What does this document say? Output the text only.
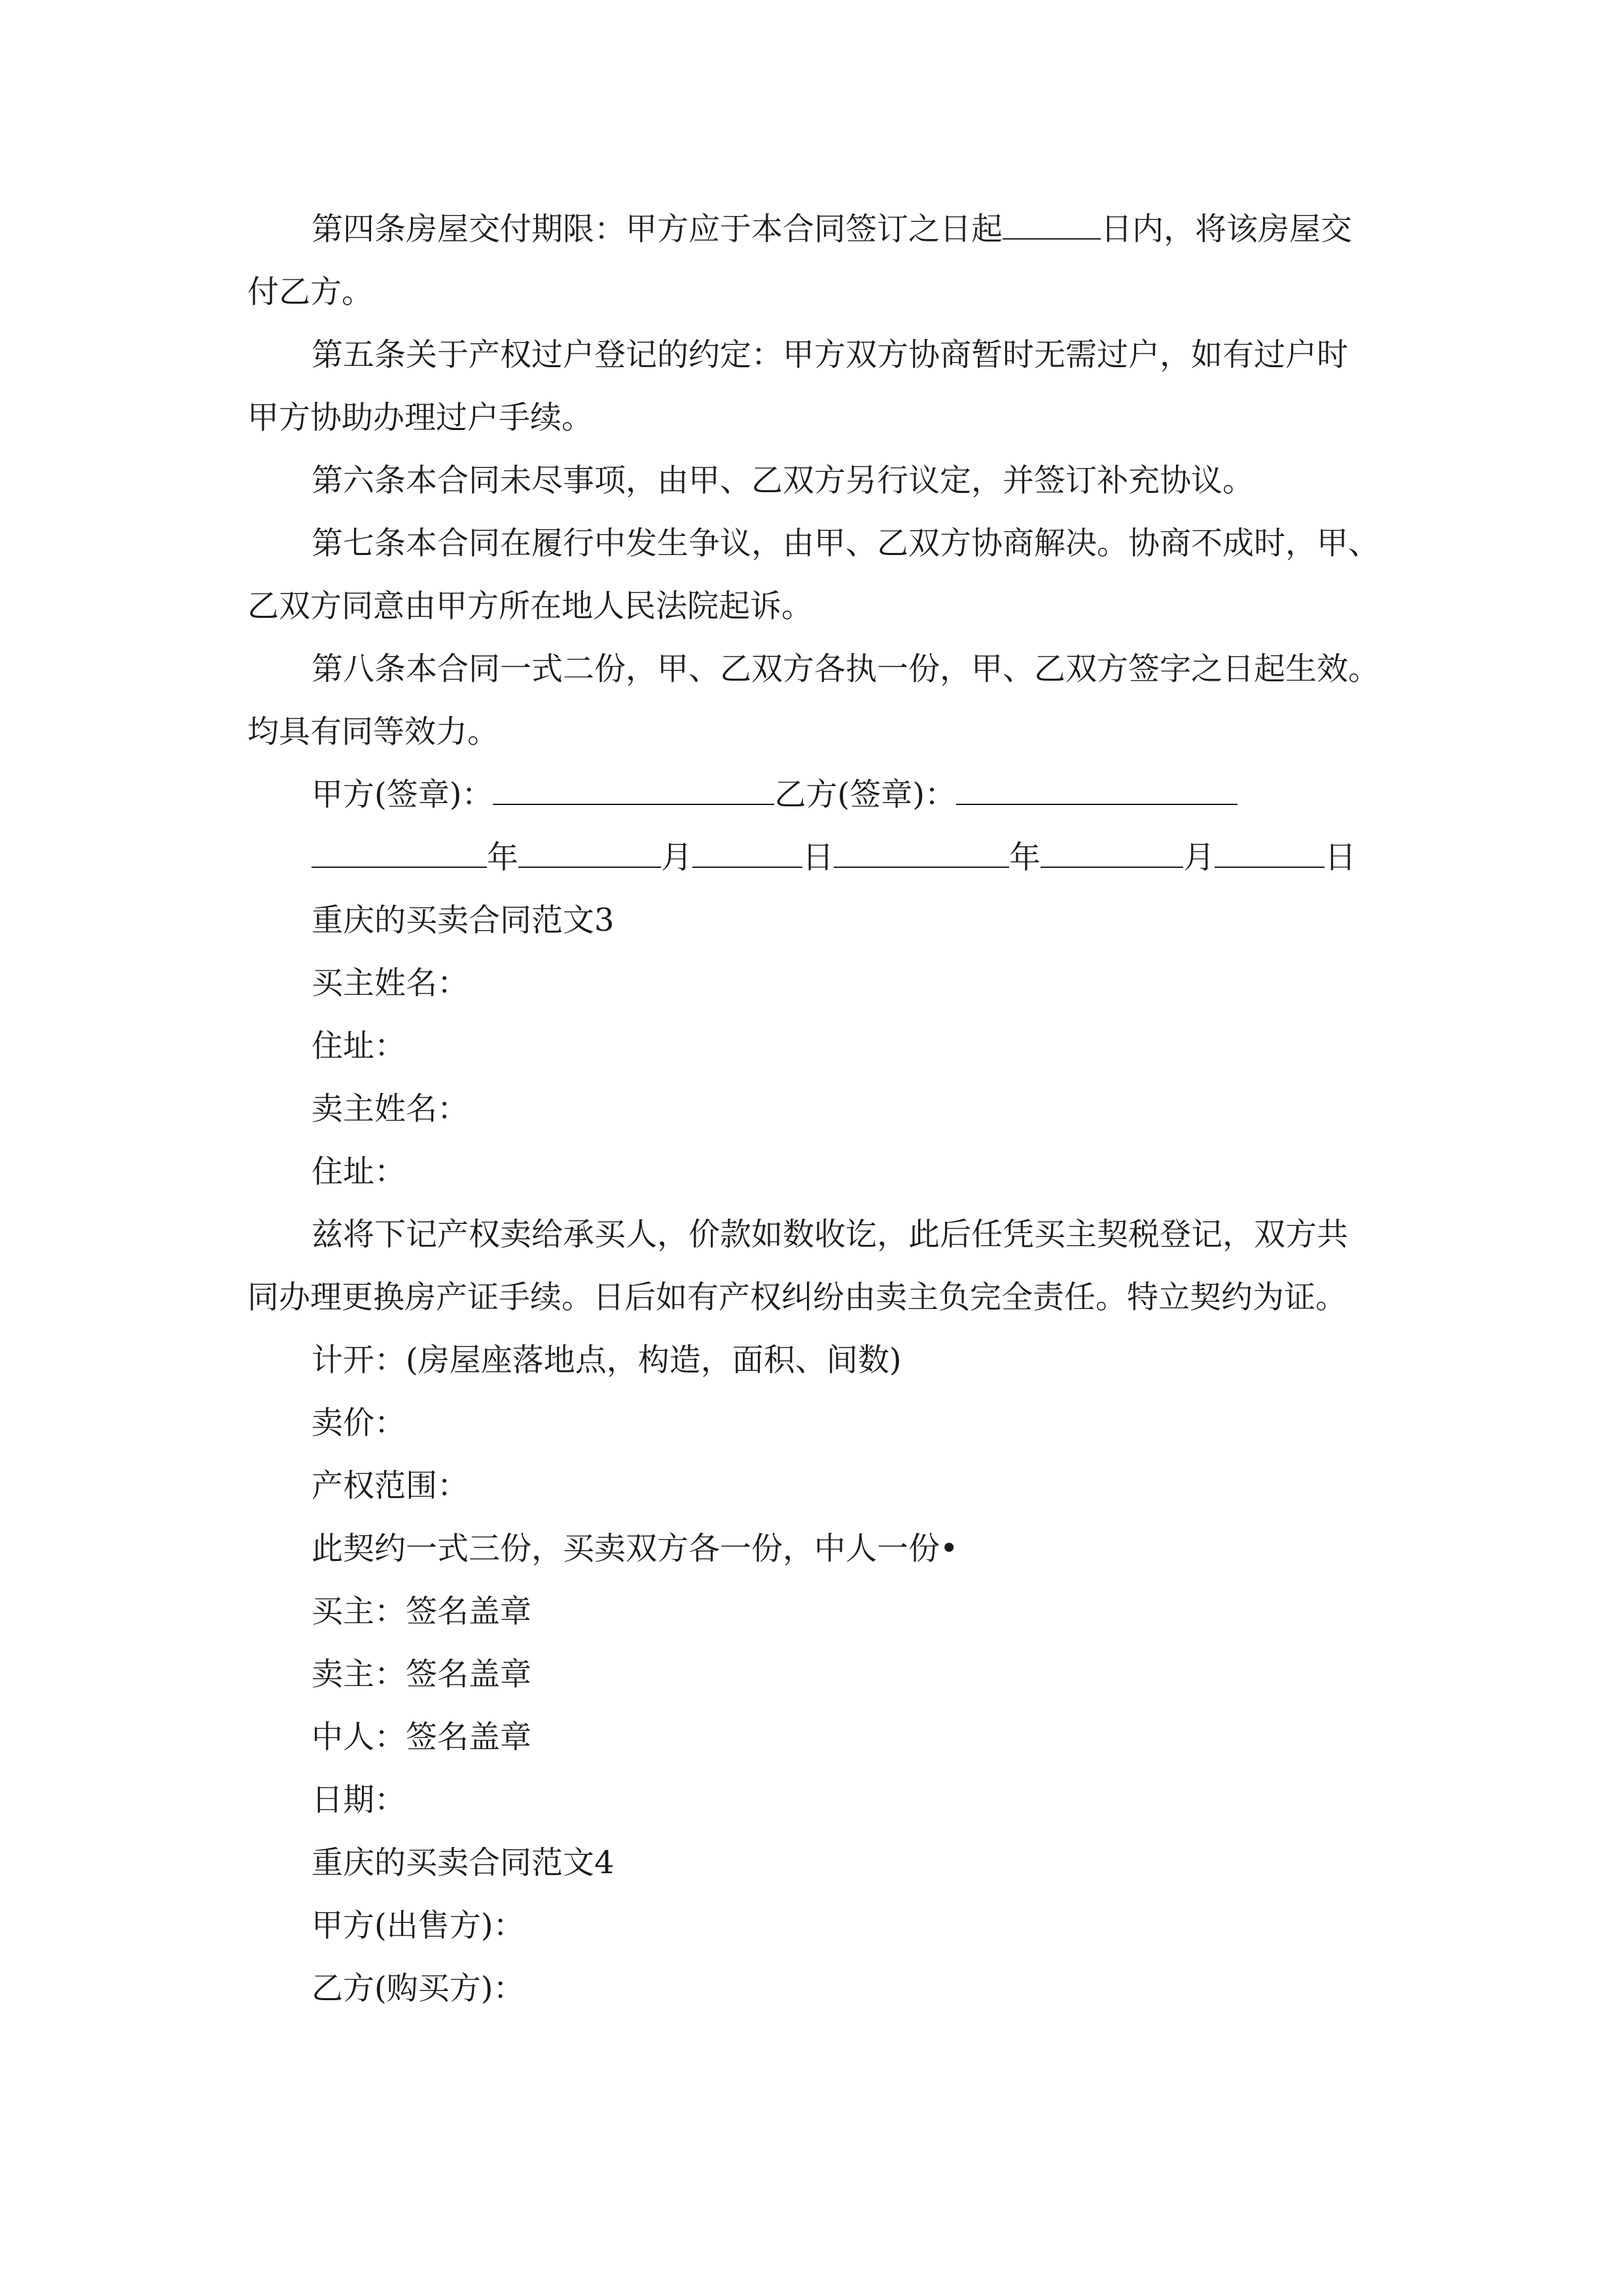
第四条房屋交付期限：甲方应于本合同签订之日起	日内，将该房屋交
付乙方。
第五条关于产权过户登记的约定：甲方双方协商暂时无需过户，如有过户时
甲方协助办理过户手续。
第六条本合同未尽事项，由甲、乙双方另行议定，并签订补充协议。
第七条本合同在履行中发生争议，由甲、乙双方协商解决。协商不成时，甲、
乙双方同意由甲方所在地人民法院起诉。
第八条本合同一式二份，甲、乙双方各执一份，甲、乙双方签字之日起生效。
均具有同等效力。
甲方(签章)：	乙方(签章)：
年	月	日	年	月	日
重庆的买卖合同范文3
买主姓名：
住址：
卖主姓名：
住址：
兹将下记产权卖给承买人，价款如数收讫，此后任凭买主契税登记，双方共
同办理更换房产证手续。日后如有产权纠纷由卖主负完全责任。特立契约为证。
计开：(房屋座落地点，构造，面积、间数)
卖价：
产权范围：
此契约一式三份，买卖双方各一份，中人一份•
买主：签名盖章
卖主：签名盖章
中人：签名盖章
日期：
重庆的买卖合同范文4
甲方(出售方)：
乙方(购买方)：
